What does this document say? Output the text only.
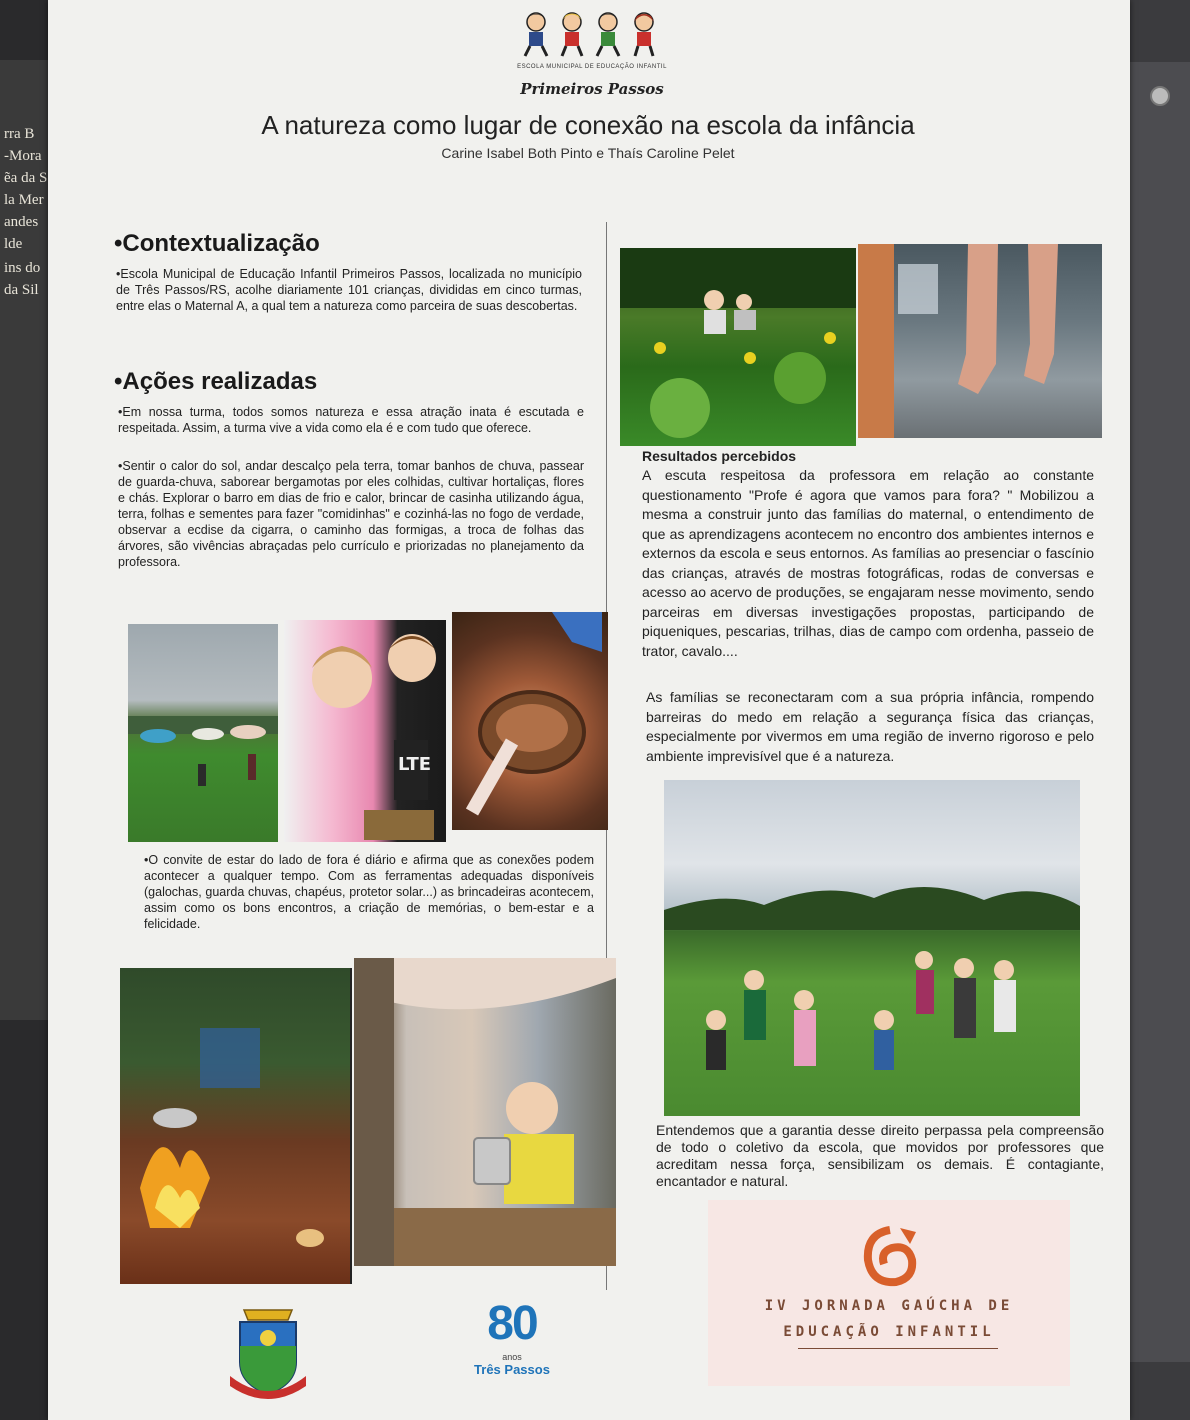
rra B
-Mora
ẽa da S
la Mer
andes
lde
ins do
da Sil
ESCOLA MUNICIPAL DE EDUCAÇÃO INFANTIL
Primeiros Passos
A natureza como lugar de conexão na escola da infância
Carine Isabel Both Pinto e Thaís Caroline Pelet
•Contextualização

•Escola Municipal de Educação Infantil Primeiros Passos, localizada no município de Três Passos/RS, acolhe diariamente 101 crianças, divididas em cinco turmas, entre elas o Maternal A, a qual tem a natureza como parceira de suas descobertas.

•Ações realizadas

•Em nossa turma, todos somos natureza e essa atração inata é escutada e respeitada. Assim, a turma vive a vida como ela é e com tudo que oferece.

•Sentir o calor do sol, andar descalço pela terra, tomar banhos de chuva, passear de guarda-chuva, saborear bergamotas por eles colhidas, cultivar hortaliças, flores e chás. Explorar o barro em dias de frio e calor, brincar de casinha utilizando água, terra, folhas e sementes para fazer "comidinhas" e cozinhá-las no fogo de verdade, observar a ecdise da cigarra, o caminho das formigas, a troca de folhas das árvores, são vivências abraçadas pelo currículo e priorizadas no planejamento da professora.

LTE

•O convite de estar do lado de fora é diário e afirma que as conexões podem acontecer a qualquer tempo. Com as ferramentas adequadas disponíveis (galochas, guarda chuvas, chapéus, protetor solar...) as brincadeiras acontecem, assim como os bons encontros, a criação de memórias, o bem-estar e a felicidade.

Resultados percebidos

A escuta respeitosa da professora em relação ao constante questionamento "Profe é agora que vamos para fora? " Mobilizou a mesma a construir junto das famílias do maternal, o entendimento de que as aprendizagens acontecem no encontro dos ambientes internos e externos da escola e seus entornos. As famílias ao presenciar o fascínio das crianças, através de mostras fotográficas, rodas de conversas e acesso ao acervo de produções, se engajaram nesse movimento, sendo parceiras em diversas investigações propostas, participando de piqueniques, pescarias, trilhas, dias de campo com ordenha, passeio de trator, cavalo....

As famílias se reconectaram com a sua própria infância, rompendo barreiras do medo em relação a segurança física das crianças, especialmente por vivermos em uma região de inverno rigoroso e pelo ambiente imprevisível que é a natureza.

Entendemos que a garantia desse direito perpassa pela compreensão de todo o coletivo da escola, que movidos por professores que acreditam nessa força, sensibilizam os demais. É contagiante, encantador e natural.

80
anos
Três Passos
IV JORNADA GAÚCHA DE
EDUCAÇÃO INFANTIL
